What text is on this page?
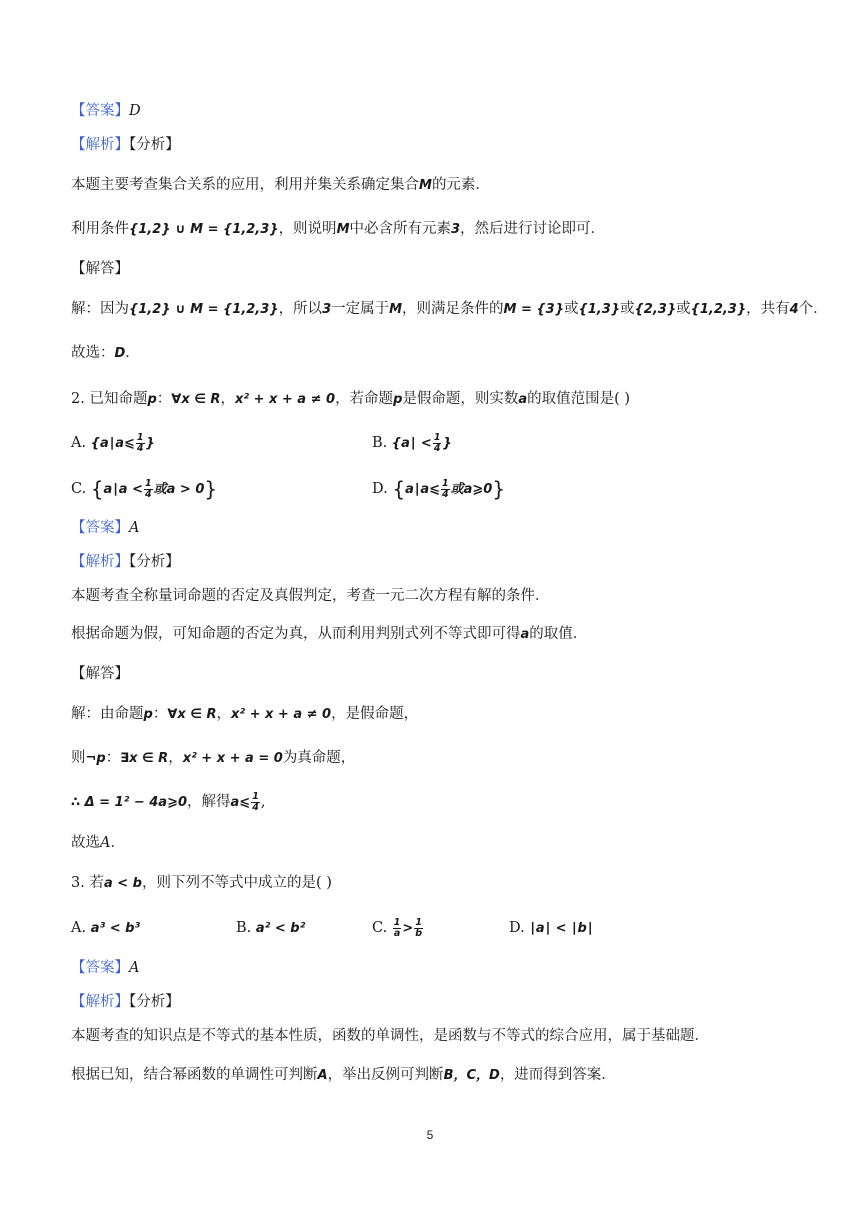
【答案】D
【解析】【分析】
本题主要考查集合关系的应用，利用并集关系确定集合M的元素．
利用条件{1,2} ∪ M = {1,2,3}，则说明M中必含所有元素3，然后进行讨论即可．
【解答】
解：因为{1,2} ∪ M = {1,2,3}，所以3一定属于M，则满足条件的M = {3}或{1,3}或{2,3}或{1,2,3}，共有4个．
故选：D．
2. 已知命题p：∀x ∈ R，x² + x + a ≠ 0，若命题p是假命题，则实数a的取值范围是( )
A. {a∣a⩽ $\frac{1}{4}$ }	B. {a∣ < $\frac{1}{4}$ }
C. {a∣a < $\frac{1}{4}$ 或a > 0}	D. {a∣a⩽ $\frac{1}{4}$ 或a⩾0}
【答案】A
【解析】【分析】
本题考查全称量词命题的否定及真假判定，考查一元二次方程有解的条件．
根据命题为假，可知命题的否定为真，从而利用判别式列不等式即可得a的取值．
【解答】
解：由命题p：∀x ∈ R，x² + x + a ≠ 0，是假命题，
则¬p：∃x ∈ R，x² + x + a = 0为真命题，
∴ Δ = 1² − 4a⩾0，解得a⩽ $\frac{1}{4}$ ,
故选A．
3. 若a < b，则下列不等式中成立的是( )
A. a³ < b³	B. a² < b²	C. $\frac{1}{a} > \frac{1}{b}$	D. ∣a∣ < ∣b∣
【答案】A
【解析】【分析】
本题考查的知识点是不等式的基本性质，函数的单调性，是函数与不等式的综合应用，属于基础题．
根据已知，结合幂函数的单调性可判断A，举出反例可判断B，C，D，进而得到答案．
5
